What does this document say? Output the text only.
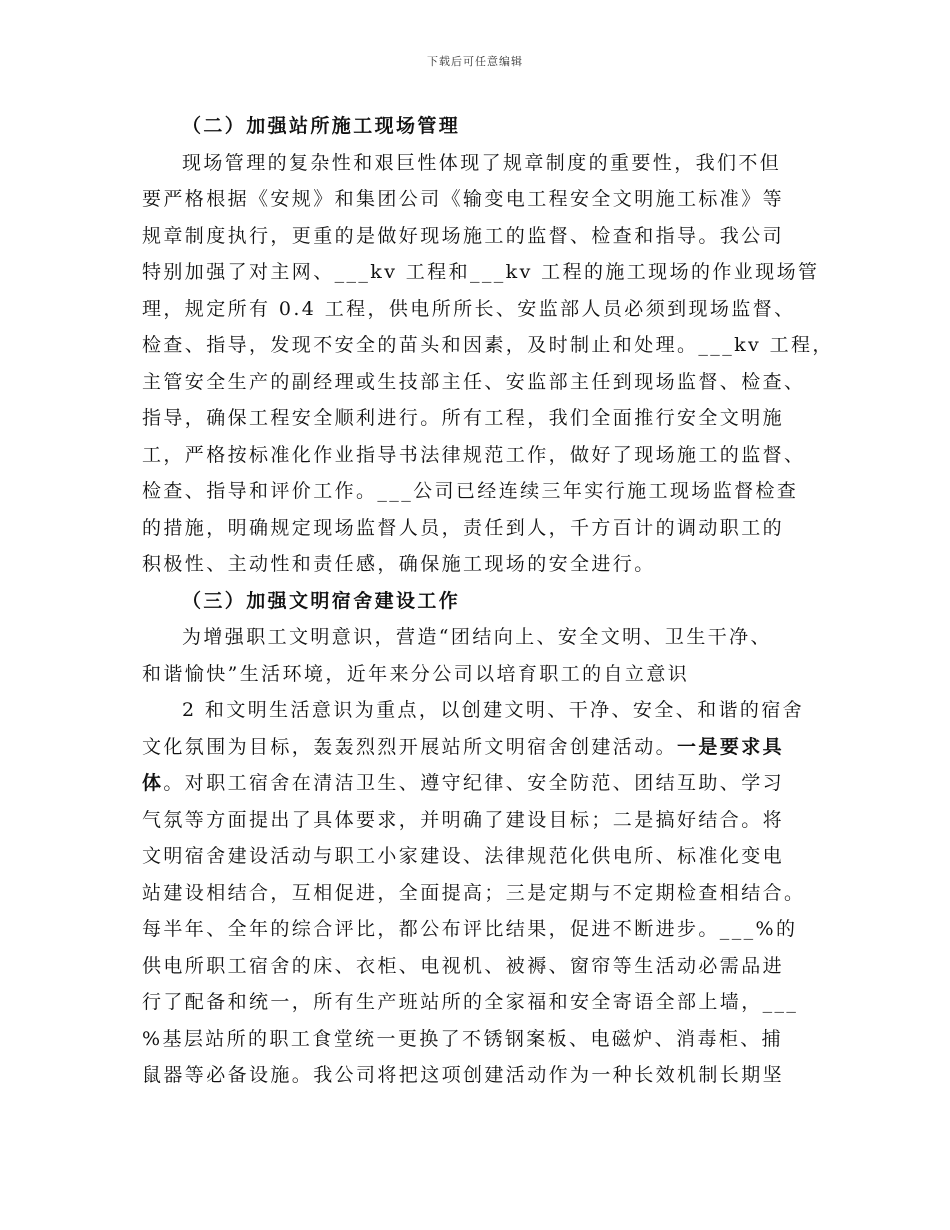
下载后可任意编辑
（二）加强站所施工现场管理
现场管理的复杂性和艰巨性体现了规章制度的重要性，我们不但
要严格根据《安规》和集团公司《输变电工程安全文明施工标准》等
规章制度执行，更重的是做好现场施工的监督、检查和指导。我公司
特别加强了对主网、___kv 工程和___kv 工程的施工现场的作业现场管
理，规定所有 0.4 工程，供电所所长、安监部人员必须到现场监督、
检查、指导，发现不安全的苗头和因素，及时制止和处理。___kv 工程，
主管安全生产的副经理或生技部主任、安监部主任到现场监督、检查、
指导，确保工程安全顺利进行。所有工程，我们全面推行安全文明施
工，严格按标准化作业指导书法律规范工作，做好了现场施工的监督、
检查、指导和评价工作。___公司已经连续三年实行施工现场监督检查
的措施，明确规定现场监督人员，责任到人，千方百计的调动职工的
积极性、主动性和责任感，确保施工现场的安全进行。
（三）加强文明宿舍建设工作
为增强职工文明意识，营造“团结向上、安全文明、卫生干净、
和谐愉快”生活环境，近年来分公司以培育职工的自立意识
2 和文明生活意识为重点，以创建文明、干净、安全、和谐的宿舍
文化氛围为目标，轰轰烈烈开展站所文明宿舍创建活动。一是要求具
体。对职工宿舍在清洁卫生、遵守纪律、安全防范、团结互助、学习
气氛等方面提出了具体要求，并明确了建设目标；二是搞好结合。将
文明宿舍建设活动与职工小家建设、法律规范化供电所、标准化变电
站建设相结合，互相促进，全面提高；三是定期与不定期检查相结合。
每半年、全年的综合评比，都公布评比结果，促进不断进步。___%的
供电所职工宿舍的床、衣柜、电视机、被褥、窗帘等生活动必需品进
行了配备和统一，所有生产班站所的全家福和安全寄语全部上墙，___
%基层站所的职工食堂统一更换了不锈钢案板、电磁炉、消毒柜、捕
鼠器等必备设施。我公司将把这项创建活动作为一种长效机制长期坚
